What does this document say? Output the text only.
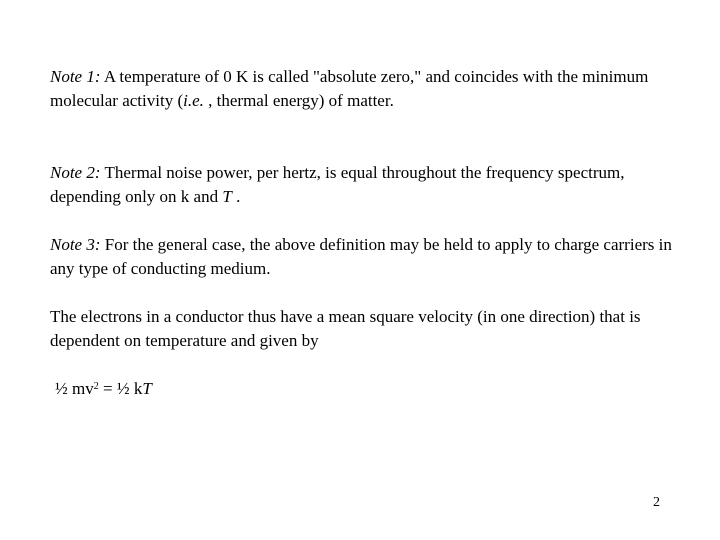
Note 1: A temperature of 0 K is called "absolute zero," and coincides with the minimum molecular activity (i.e. , thermal energy) of matter.

Note 2: Thermal noise power, per hertz, is equal throughout the frequency spectrum, depending only on k and T .

Note 3: For the general case, the above definition may be held to apply to charge carriers in any type of conducting medium.

The electrons in a conductor thus have a mean square velocity (in one direction) that is dependent on temperature and given by

½ $mv^2$ = ½ kT

2
